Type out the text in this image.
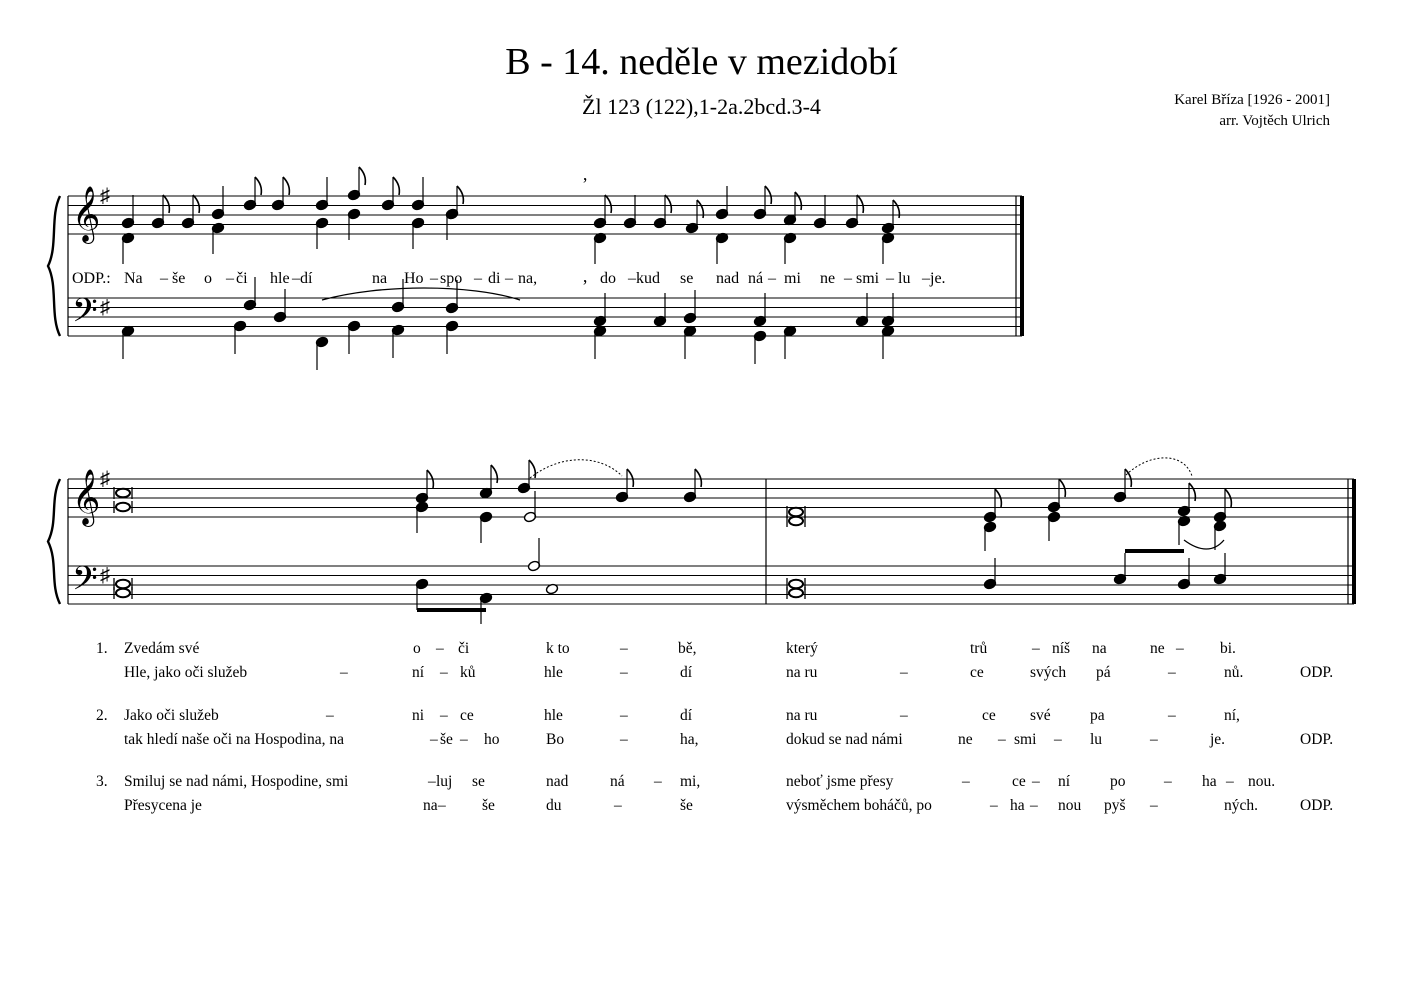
B - 14. neděle v mezidobí
Žl 123 (122),1-2a.2bcd.3-4	Karel Bříza [1926 - 2001]
arr. Vojtěch Ulrich
𝄞
𝄢
♯
♯
’
’
ODP.: Na – še o – či hle – dí	na Ho – spo – di – na,	do – kud se nad ná – mi ne – smi – lu – je.
𝄞
𝄢
♯
♯
1. Zvedám své	o – či	k to	–	bě,	který	trů	– níš na	ne – bi.
Hle, jako oči služeb	–	ní – ků	hle	–	dí	na ru	–	ce	svých pá	–	nů.	ODP.
2. Jako oči služeb	–	ni – ce	hle	–	dí	na ru	–	ce své	pa	–	ní,
tak hledí naše oči na Hospodina, na	– še – ho	Bo	–	ha,	dokud se nad námi	ne – smi – lu	–	je.	ODP.
3. Smiluj se nad námi, Hospodine, smi	– luj se	nad	ná – mi,	neboť jsme přesy	–	ce – ní	po – ha – nou.
Přesycena je	na – še	du	–	še	výsměchem boháčů, po	– ha – nou pyš –	ných.	ODP.
